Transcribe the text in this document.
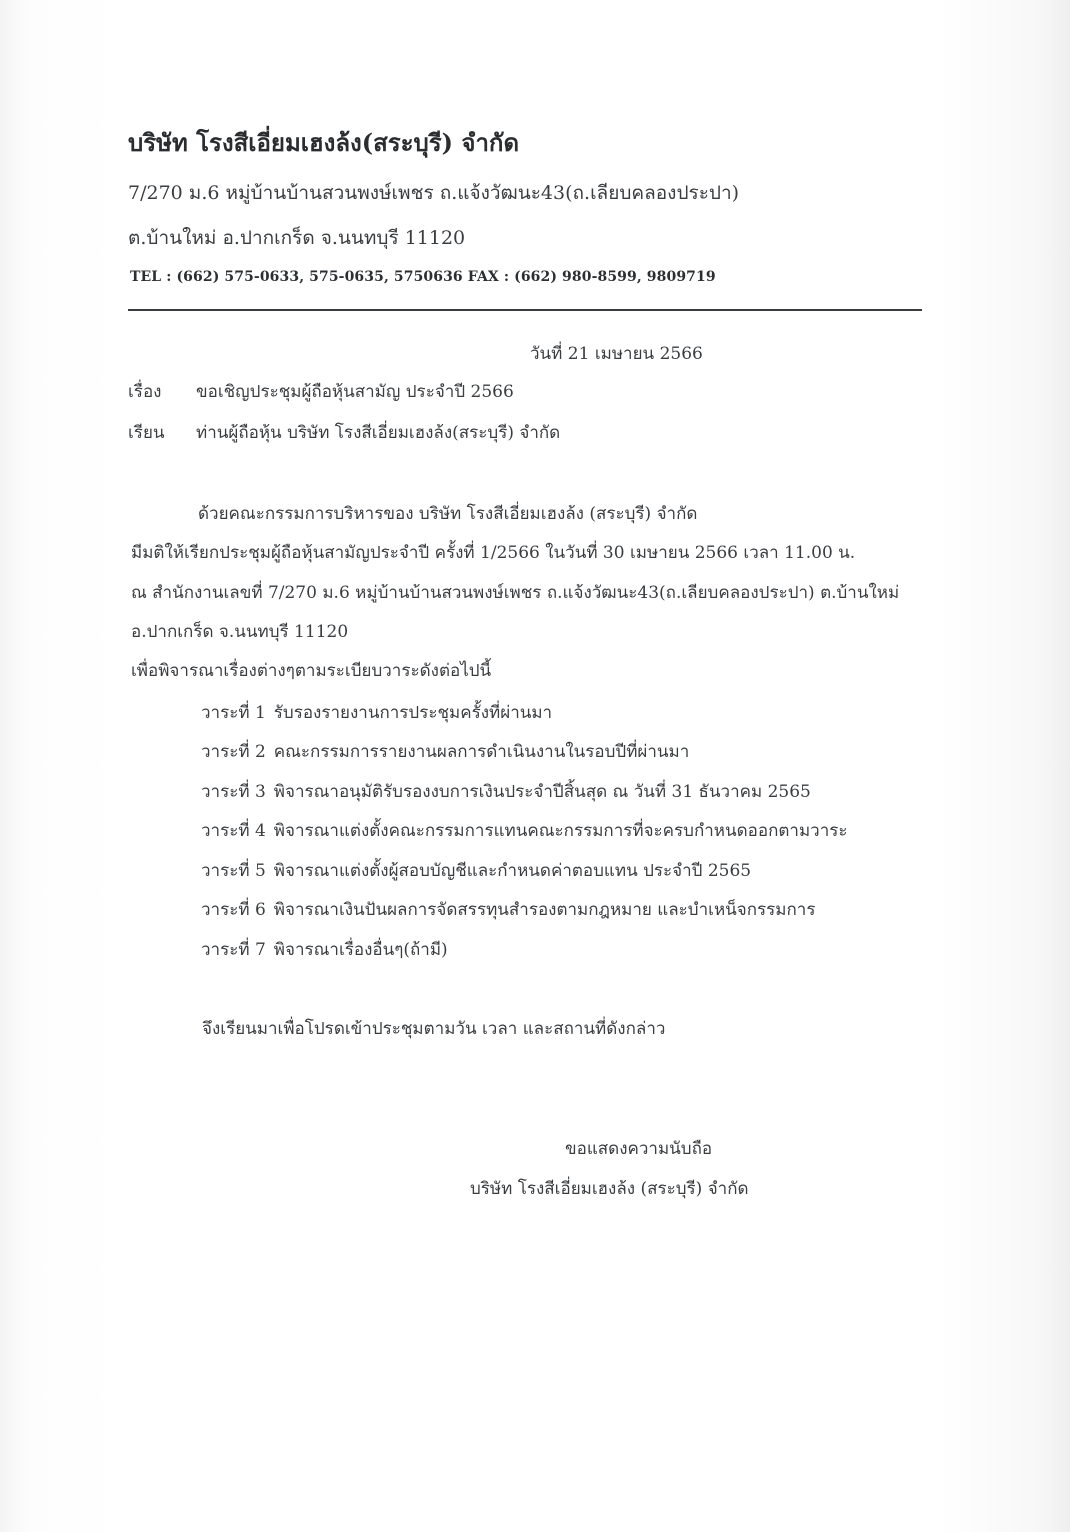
บริษัท โรงสีเอี่ยมเฮงล้ง(สระบุรี) จำกัด
7/270 ม.6 หมู่บ้านบ้านสวนพงษ์เพชร ถ.แจ้งวัฒนะ43(ถ.เลียบคลองประปา)
ต.บ้านใหม่ อ.ปากเกร็ด จ.นนทบุรี 11120
TEL : (662) 575-0633, 575-0635, 5750636 FAX : (662) 980-8599, 9809719
วันที่ 21 เมษายน 2566
เรื่อง ขอเชิญประชุมผู้ถือหุ้นสามัญ ประจำปี 2566
เรียน ท่านผู้ถือหุ้น บริษัท โรงสีเอี่ยมเฮงล้ง(สระบุรี) จำกัด
ด้วยคณะกรรมการบริหารของ บริษัท โรงสีเอี่ยมเฮงล้ง (สระบุรี) จำกัด
มีมติให้เรียกประชุมผู้ถือหุ้นสามัญประจำปี ครั้งที่ 1/2566 ในวันที่ 30 เมษายน 2566 เวลา 11.00 น.
ณ สำนักงานเลขที่ 7/270 ม.6 หมู่บ้านบ้านสวนพงษ์เพชร ถ.แจ้งวัฒนะ43(ถ.เลียบคลองประปา) ต.บ้านใหม่
อ.ปากเกร็ด จ.นนทบุรี 11120
เพื่อพิจารณาเรื่องต่างๆตามระเบียบวาระดังต่อไปนี้
วาระที่ 1 รับรองรายงานการประชุมครั้งที่ผ่านมา
วาระที่ 2 คณะกรรมการรายงานผลการดำเนินงานในรอบปีที่ผ่านมา
วาระที่ 3 พิจารณาอนุมัติรับรองงบการเงินประจำปีสิ้นสุด ณ วันที่ 31 ธันวาคม 2565
วาระที่ 4 พิจารณาแต่งตั้งคณะกรรมการแทนคณะกรรมการที่จะครบกำหนดออกตามวาระ
วาระที่ 5 พิจารณาแต่งตั้งผู้สอบบัญชีและกำหนดค่าตอบแทน ประจำปี 2565
วาระที่ 6 พิจารณาเงินปันผลการจัดสรรทุนสำรองตามกฎหมาย และบำเหน็จกรรมการ
วาระที่ 7 พิจารณาเรื่องอื่นๆ(ถ้ามี)
จึงเรียนมาเพื่อโปรดเข้าประชุมตามวัน เวลา และสถานที่ดังกล่าว
ขอแสดงความนับถือ
บริษัท โรงสีเอี่ยมเฮงล้ง (สระบุรี) จำกัด
